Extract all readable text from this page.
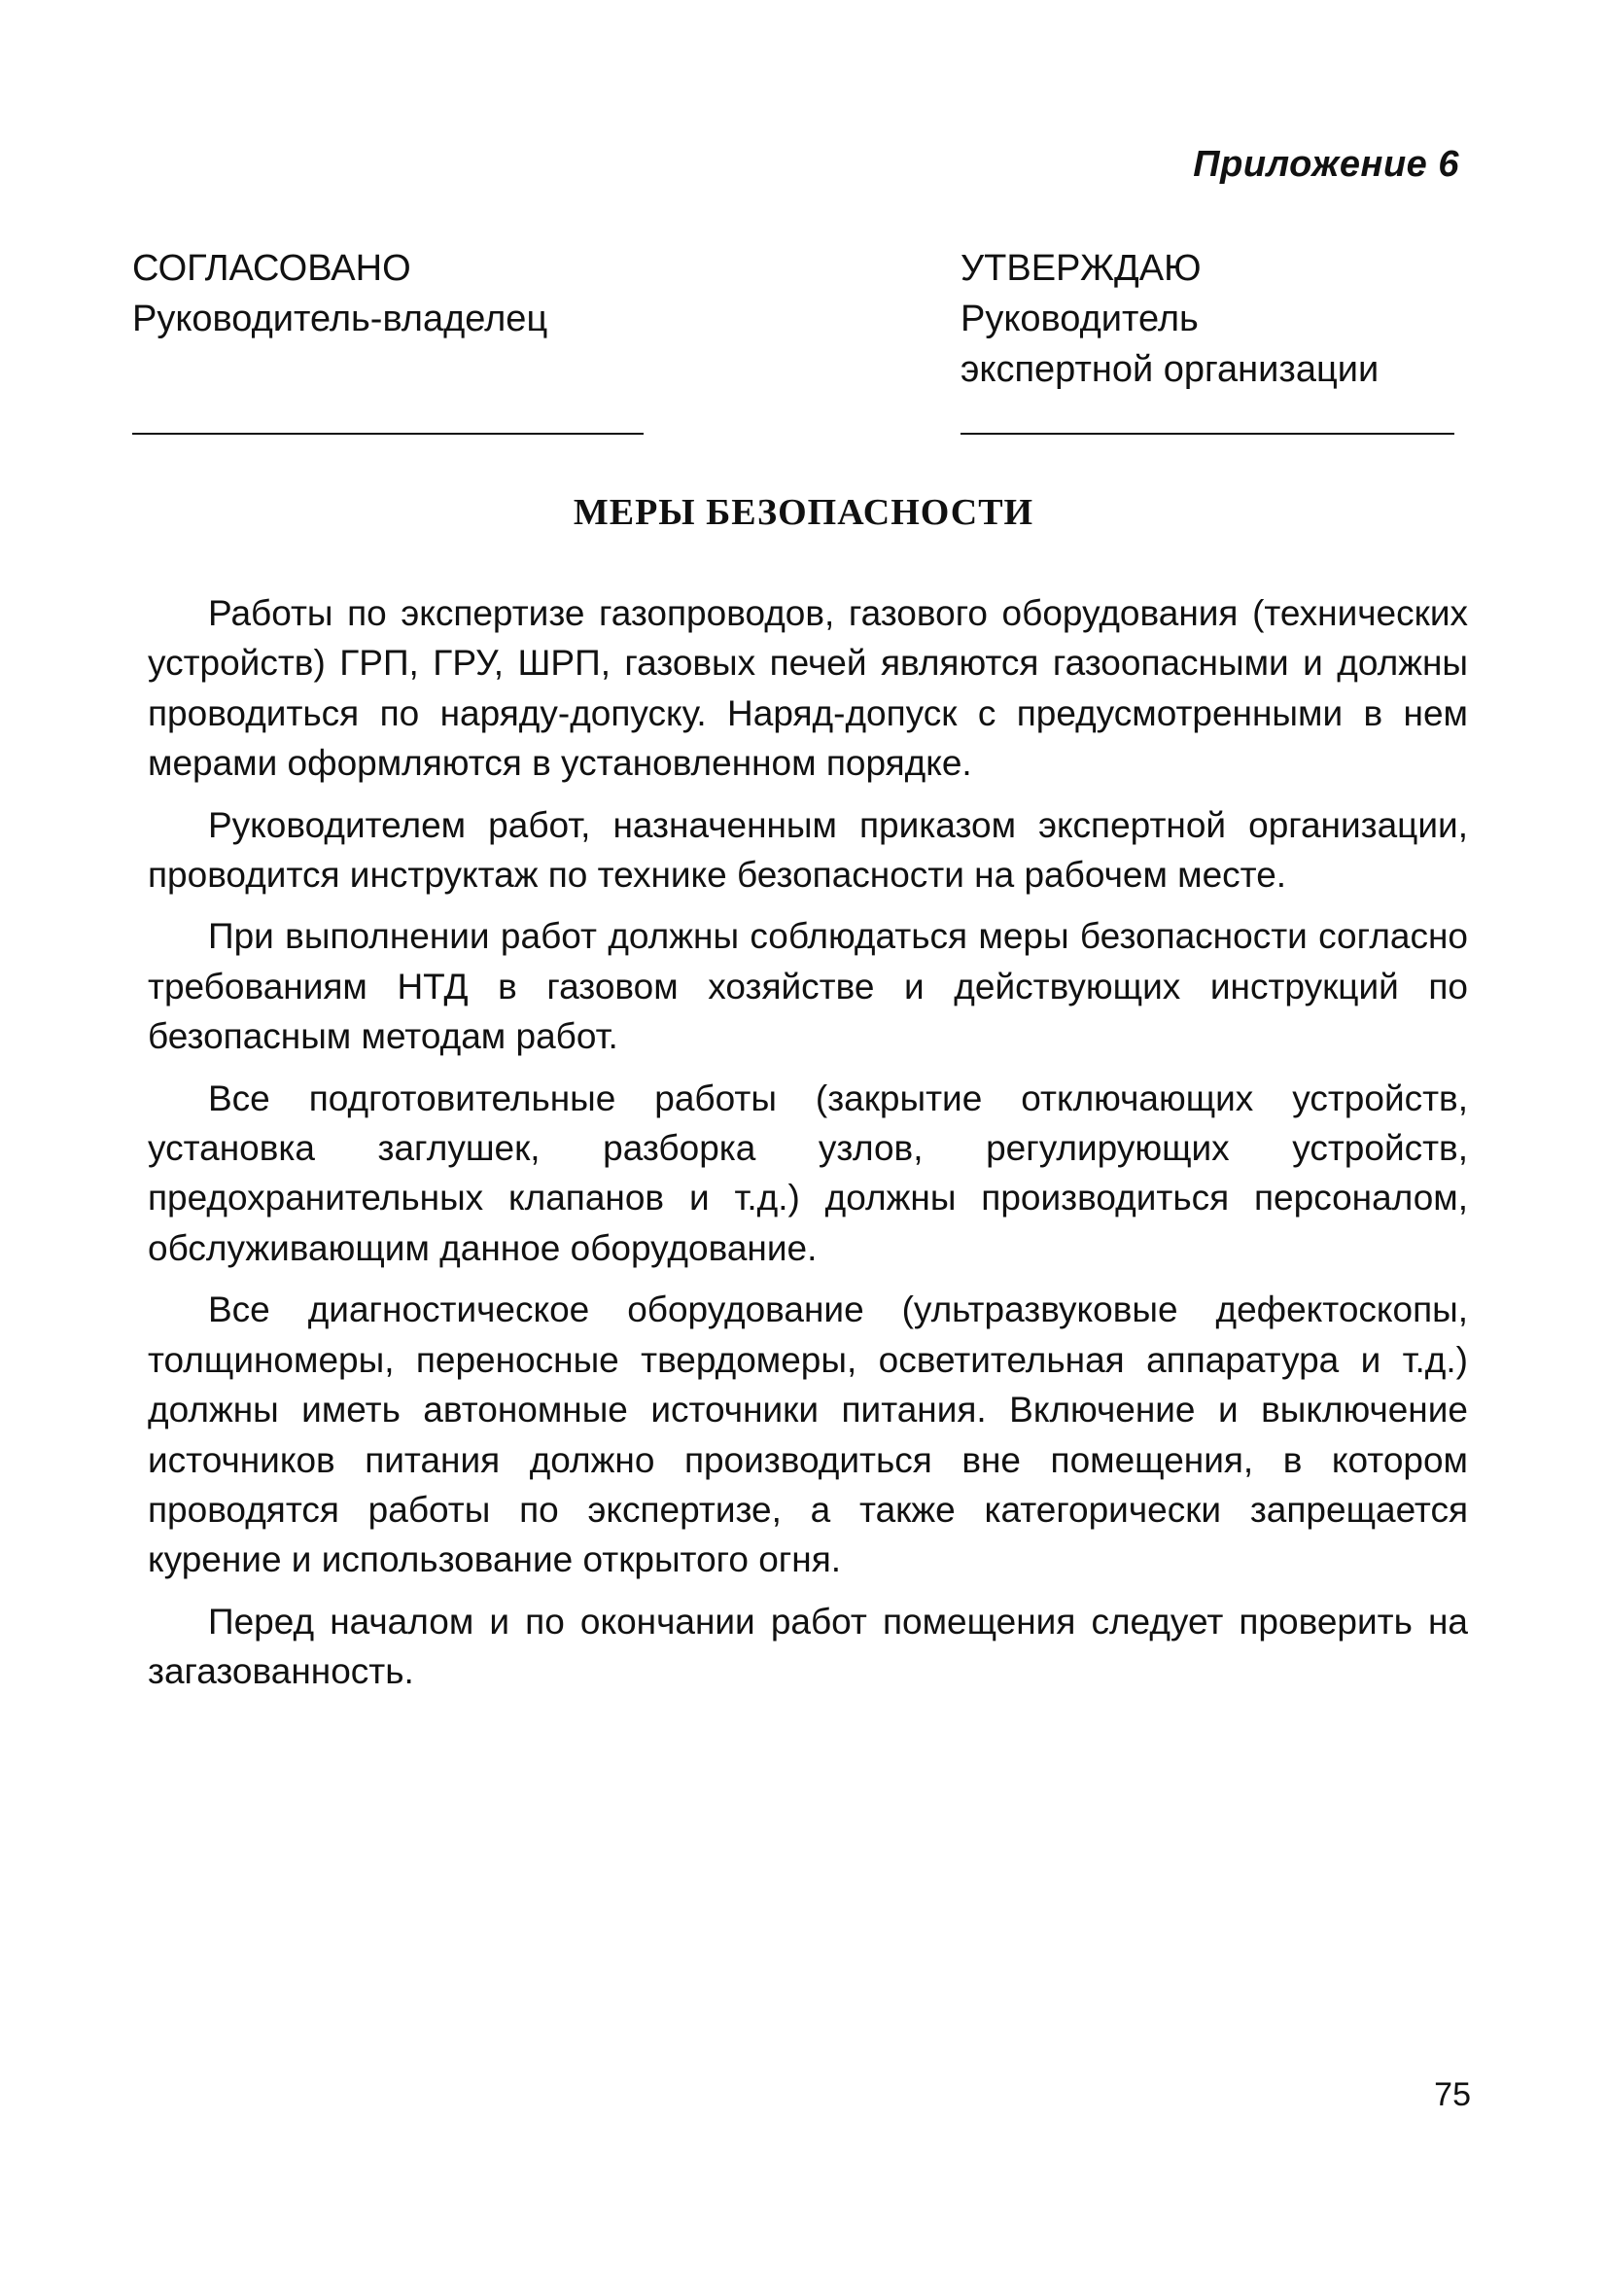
Приложение 6
СОГЛАСОВАНО
Руководитель-владелец
УТВЕРЖДАЮ
Руководитель
экспертной организации
МЕРЫ БЕЗОПАСНОСТИ

Работы по экспертизе газопроводов, газового оборудования (технических устройств) ГРП, ГРУ, ШРП, газовых печей являются газоопасными и должны проводиться по наряду-допуску. Наряд-допуск с предусмотренными в нем мерами оформляются в установленном порядке.

Руководителем работ, назначенным приказом экспертной организации, проводится инструктаж по технике безопасности на рабочем месте.

При выполнении работ должны соблюдаться меры безопасности согласно требованиям НТД в газовом хозяйстве и действующих инструкций по безопасным методам работ.

Все подготовительные работы (закрытие отключающих устройств, установка заглушек, разборка узлов, регулирующих устройств, предохранительных клапанов и т.д.) должны производиться персоналом, обслуживающим данное оборудование.

Все диагностическое оборудование (ультразвуковые дефектоскопы, толщиномеры, переносные твердомеры, осветительная аппаратура и т.д.) должны иметь автономные источники питания. Включение и выключение источников питания должно производиться вне помещения, в котором проводятся работы по экспертизе, а также категорически запрещается курение и использование открытого огня.

Перед началом и по окончании работ помещения следует проверить на загазованность.

75
